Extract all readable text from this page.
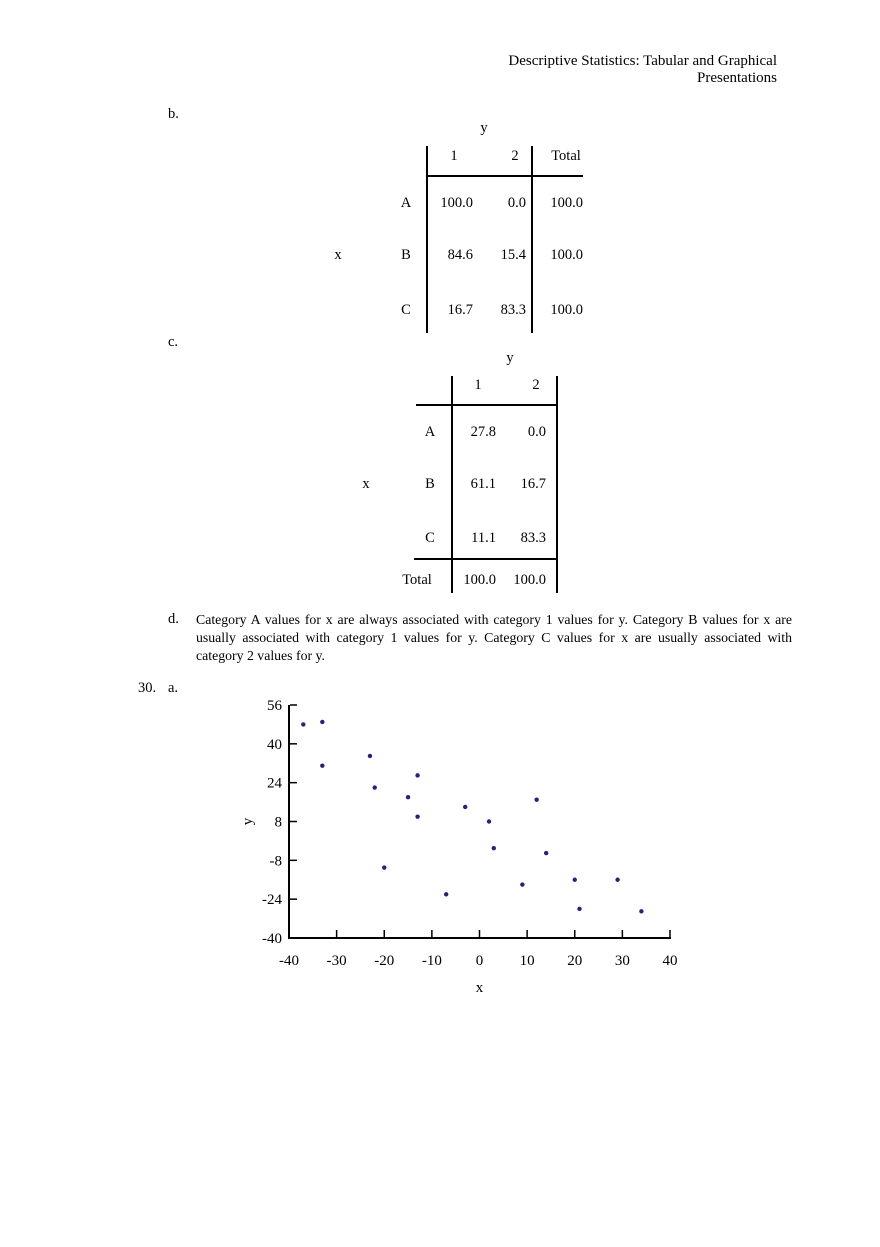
Descriptive Statistics: Tabular and Graphical Presentations
b.
y
1	2	Total
x
A	100.0	0.0	100.0
B	84.6	15.4	100.0
C	16.7	83.3	100.0
c.
y
1	2
x
A	27.8	0.0
B	61.1	16.7
C	11.1	83.3
Total	100.0	100.0
d. Category A values for x are always associated with category 1 values for y. Category B values for x are usually associated with category 1 values for y. Category C values for x are usually associated with category 2 values for y.
30. a.
-40
-24
-8
8
24
40
56
-40 -30 -20 -10 0 10 20 30 40
x
y
